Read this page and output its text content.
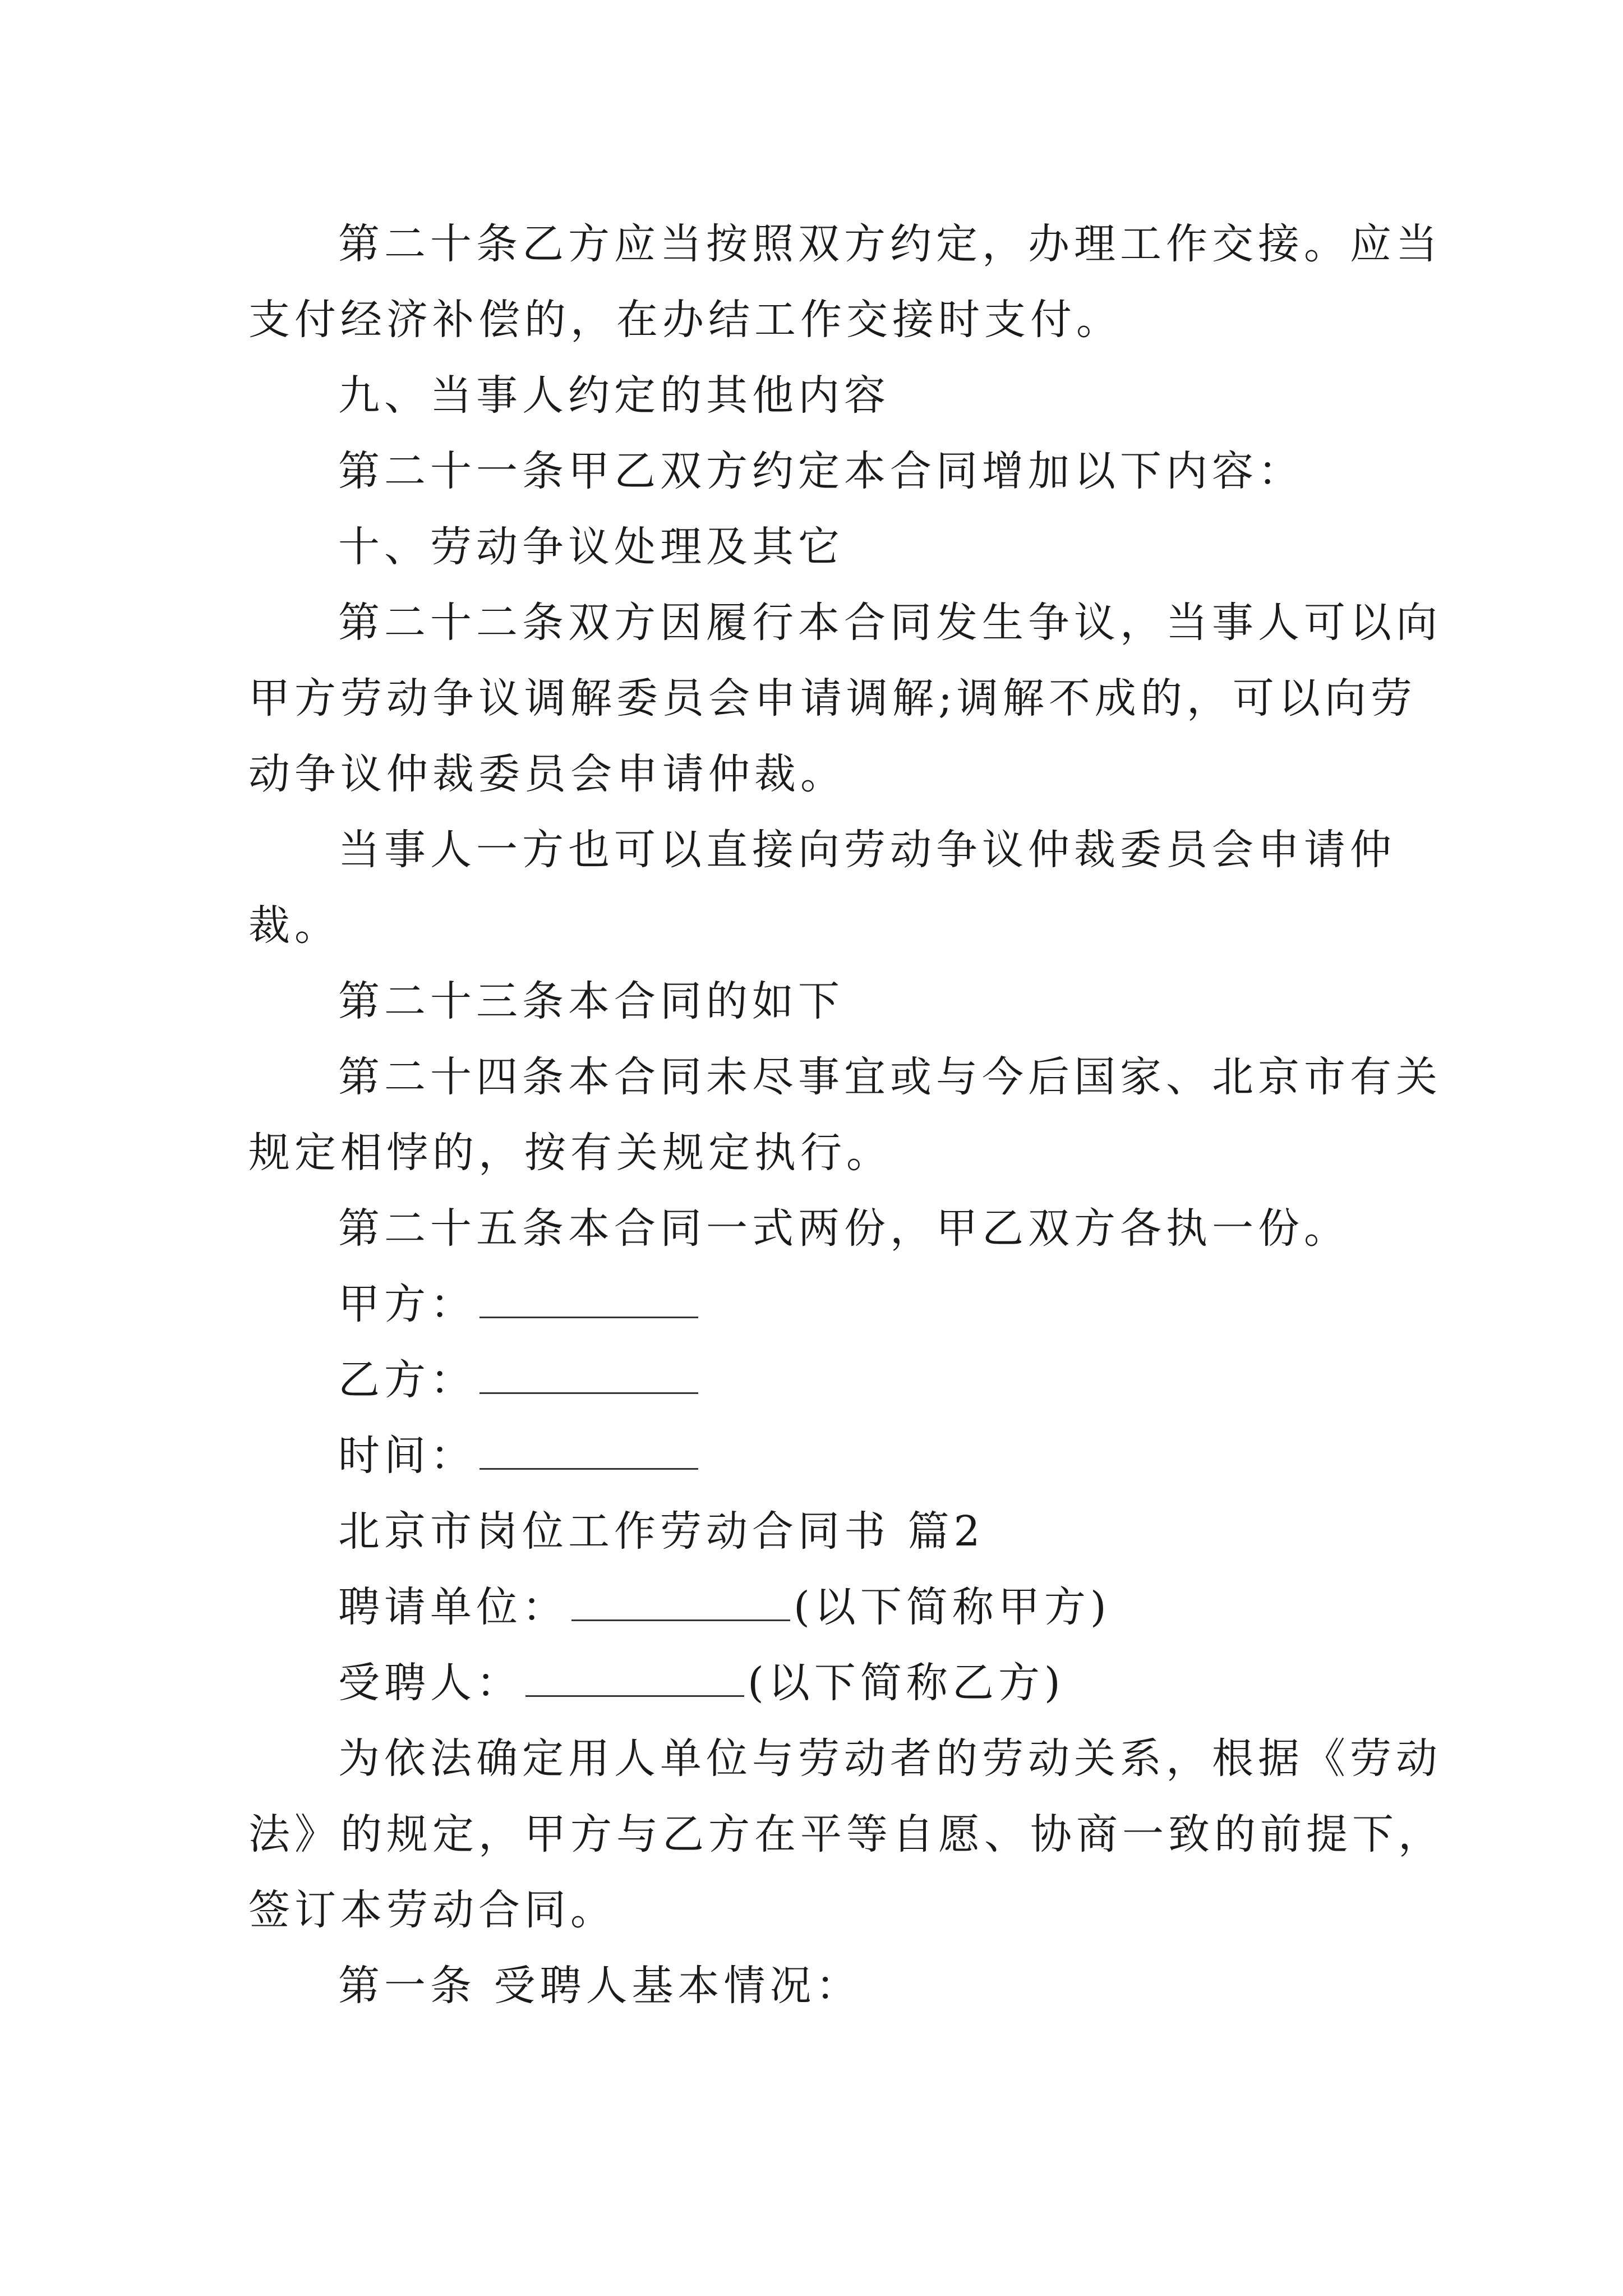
第二十条乙方应当按照双方约定，办理工作交接。应当
支付经济补偿的，在办结工作交接时支付。
九、当事人约定的其他内容
第二十一条甲乙双方约定本合同增加以下内容：
十、劳动争议处理及其它
第二十二条双方因履行本合同发生争议，当事人可以向
甲方劳动争议调解委员会申请调解;调解不成的，可以向劳
动争议仲裁委员会申请仲裁。
当事人一方也可以直接向劳动争议仲裁委员会申请仲
裁。
第二十三条本合同的如下
第二十四条本合同未尽事宜或与今后国家、北京市有关
规定相悖的，按有关规定执行。
第二十五条本合同一式两份，甲乙双方各执一份。
甲方：
乙方：
时间：
北京市岗位工作劳动合同书 篇2
聘请单位：	(以下简称甲方)
受聘人：	(以下简称乙方)
为依法确定用人单位与劳动者的劳动关系，根据《劳动
法》的规定，甲方与乙方在平等自愿、协商一致的前提下，
签订本劳动合同。
第一条 受聘人基本情况：
